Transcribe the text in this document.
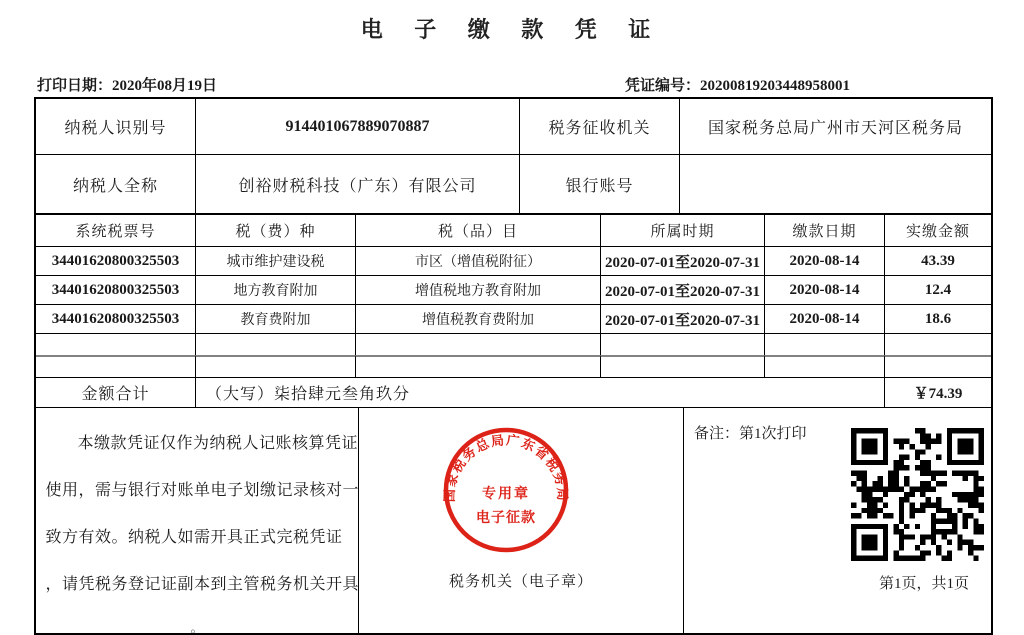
电 子 缴 款 凭 证
打印日期：2020年08月19日	凭证编号：20200819203448958001
纳税人识别号	914401067889070887	税务征收机关	国家税务总局广州市天河区税务局
纳税人全称	创裕财税科技（广东）有限公司	银行账号
系统税票号	税（费）种	税（品）目	所属时期	缴款日期	实缴金额
34401620800325503	城市维护建设税	市区（增值税附征）	2020-07-01至2020-07-31	2020-08-14	43.39
34401620800325503	地方教育附加	增值税地方教育附加	2020-07-01至2020-07-31	2020-08-14	12.4
34401620800325503	教育费附加	增值税教育费附加	2020-07-01至2020-07-31	2020-08-14	18.6
金额合计	（大写）柒拾肆元叁角玖分	￥74.39
本缴款凭证仅作为纳税人记账核算凭证
使用，需与银行对账单电子划缴记录核对一
致方有效。纳税人如需开具正式完税凭证
，请凭税务登记证副本到主管税务机关开具
。
国家税务总局广东省税务局
专用章
电子征款
税务机关（电子章）
备注：第1次打印
第1页，共1页
